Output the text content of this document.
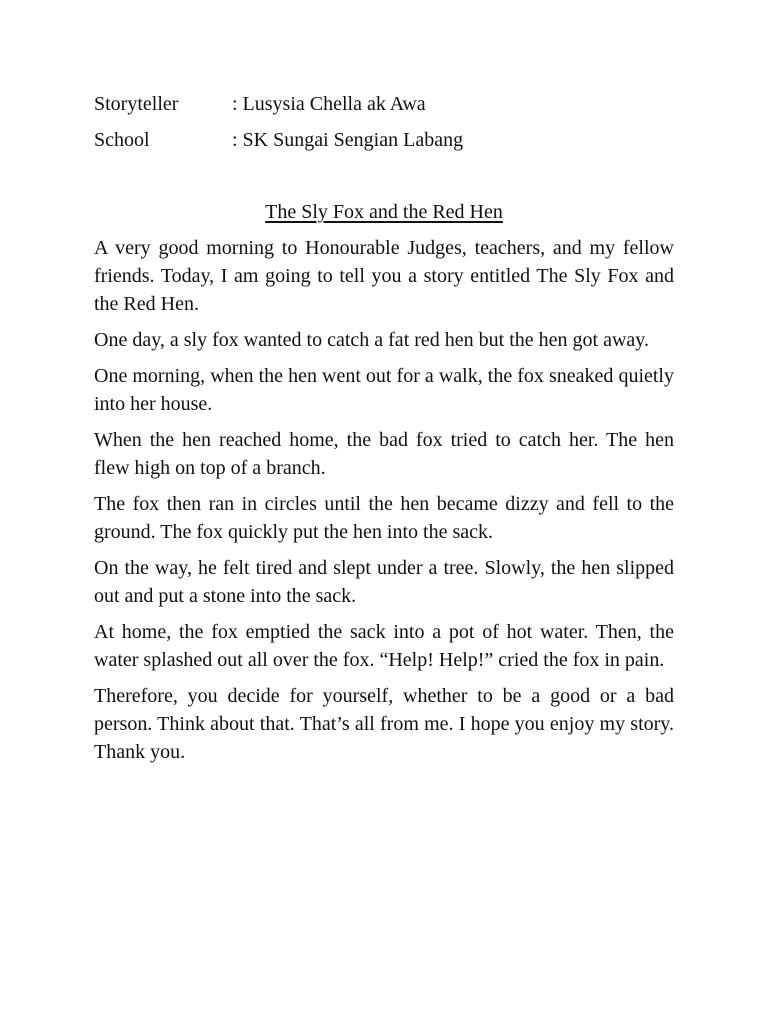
Storyteller	: Lusysia Chella ak Awa
School	: SK Sungai Sengian Labang
The Sly Fox and the Red Hen

A very good morning to Honourable Judges, teachers, and my fellow friends. Today, I am going to tell you a story entitled The Sly Fox and the Red Hen.

One day, a sly fox wanted to catch a fat red hen but the hen got away.

One morning, when the hen went out for a walk, the fox sneaked quietly into her house.

When the hen reached home, the bad fox tried to catch her. The hen flew high on top of a branch.

The fox then ran in circles until the hen became dizzy and fell to the ground. The fox quickly put the hen into the sack.

On the way, he felt tired and slept under a tree. Slowly, the hen slipped out and put a stone into the sack.

At home, the fox emptied the sack into a pot of hot water. Then, the water splashed out all over the fox. “Help! Help!” cried the fox in pain.

Therefore, you decide for yourself, whether to be a good or a bad person. Think about that. That’s all from me. I hope you enjoy my story. Thank you.
